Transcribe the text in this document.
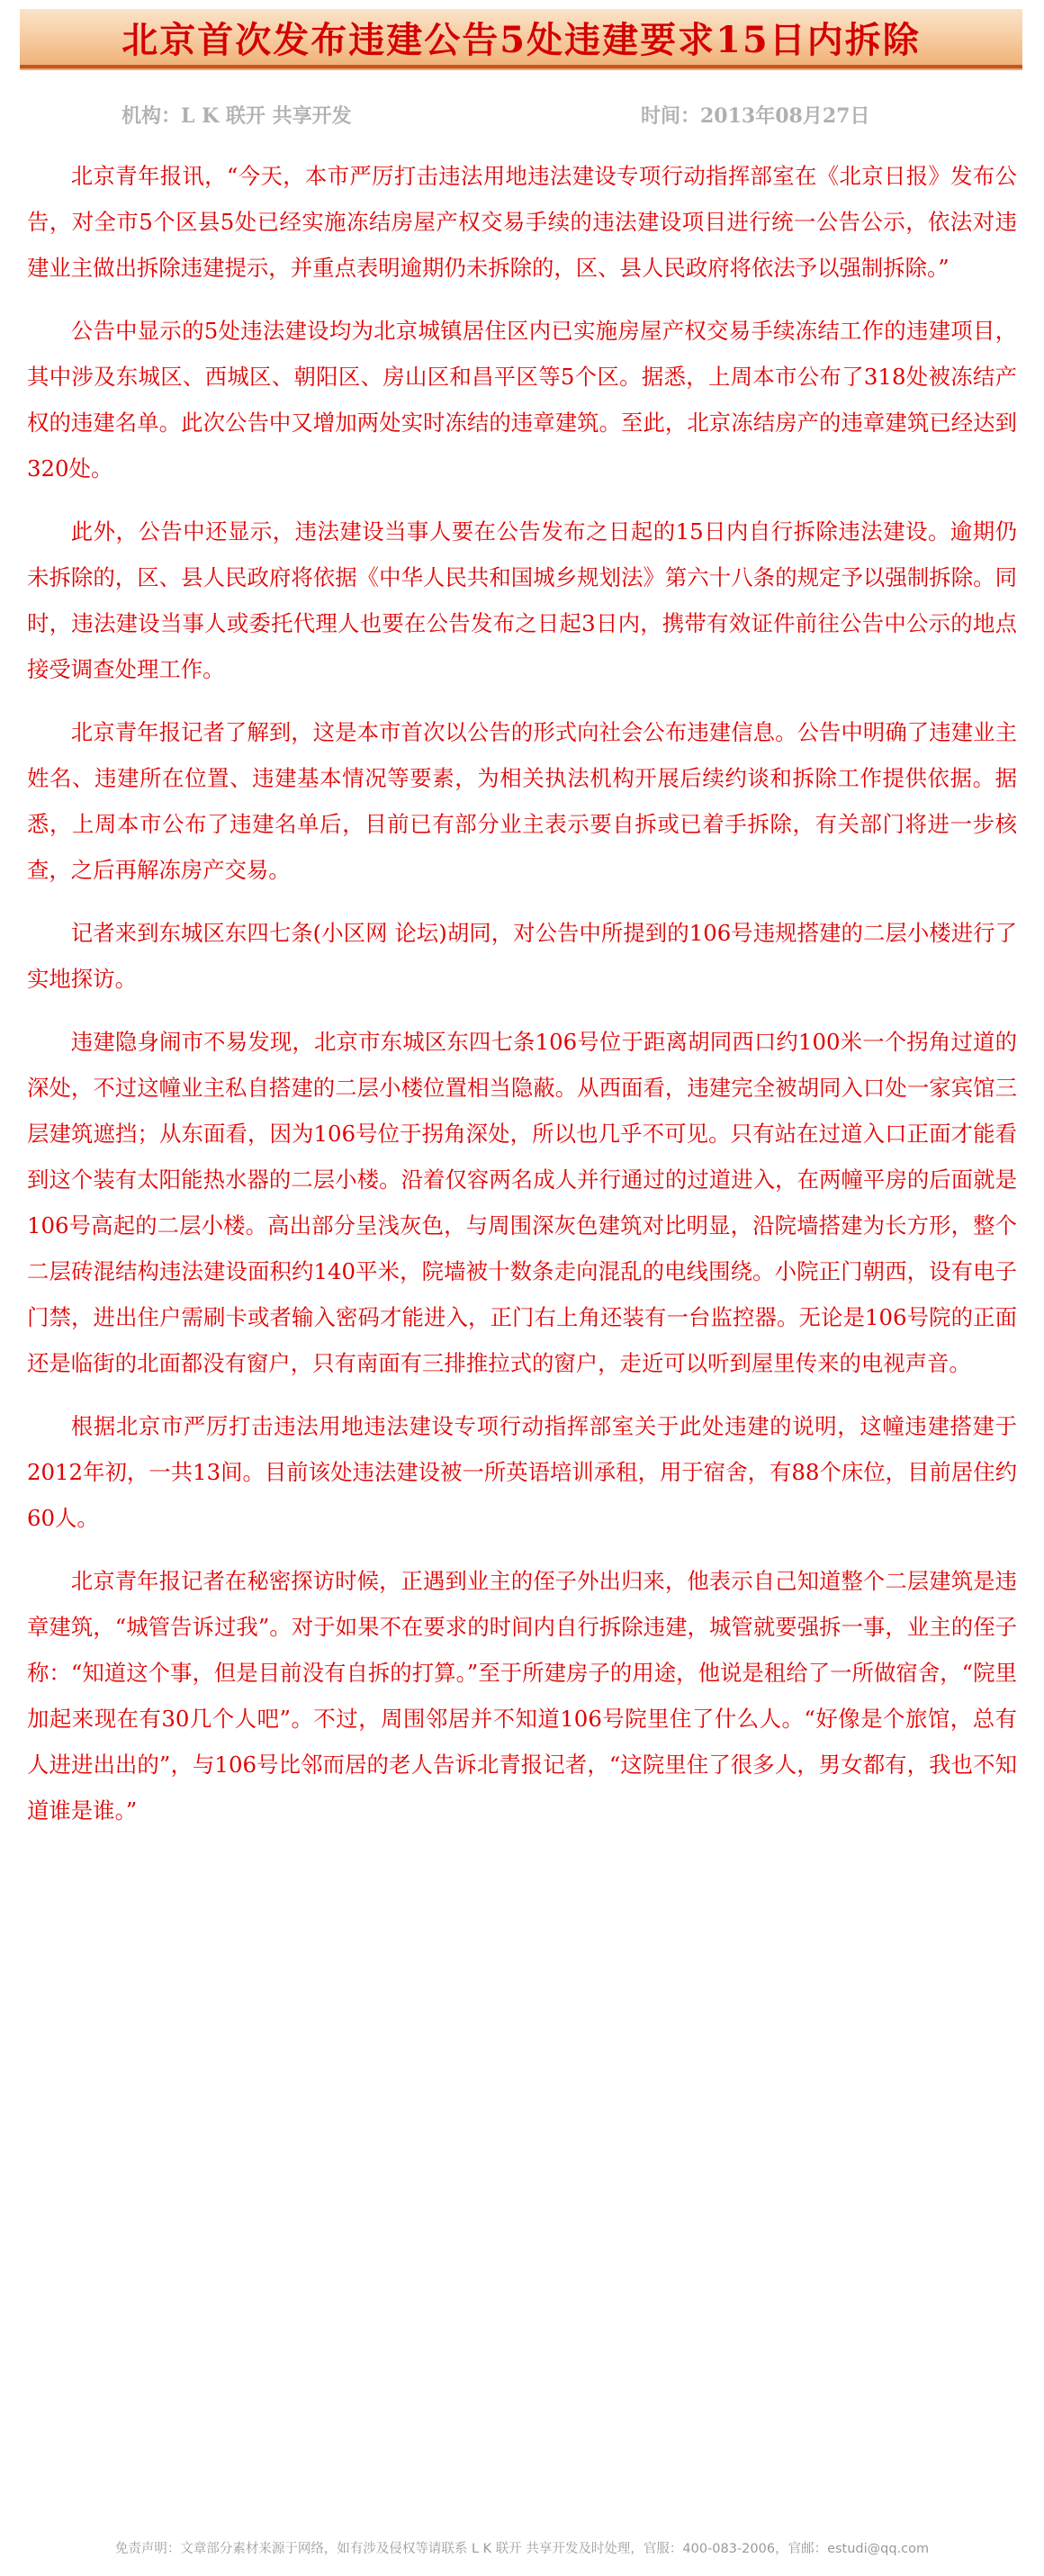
北京首次发布违建公告5处违建要求15日内拆除
机构：L K 联开 共享开发	时间：2013年08月27日

北京青年报讯，“今天，本市严厉打击违法用地违法建设专项行动指挥部室在《北京日报》发布公告，对全市5个区县5处已经实施冻结房屋产权交易手续的违法建设项目进行统一公告公示，依法对违建业主做出拆除违建提示，并重点表明逾期仍未拆除的，区、县人民政府将依法予以强制拆除。”

公告中显示的5处违法建设均为北京城镇居住区内已实施房屋产权交易手续冻结工作的违建项目，其中涉及东城区、西城区、朝阳区、房山区和昌平区等5个区。据悉，上周本市公布了318处被冻结产权的违建名单。此次公告中又增加两处实时冻结的违章建筑。至此，北京冻结房产的违章建筑已经达到320处。

此外，公告中还显示，违法建设当事人要在公告发布之日起的15日内自行拆除违法建设。逾期仍未拆除的，区、县人民政府将依据《中华人民共和国城乡规划法》第六十八条的规定予以强制拆除。同时，违法建设当事人或委托代理人也要在公告发布之日起3日内，携带有效证件前往公告中公示的地点接受调查处理工作。

北京青年报记者了解到，这是本市首次以公告的形式向社会公布违建信息。公告中明确了违建业主姓名、违建所在位置、违建基本情况等要素，为相关执法机构开展后续约谈和拆除工作提供依据。据悉，上周本市公布了违建名单后，目前已有部分业主表示要自拆或已着手拆除，有关部门将进一步核查，之后再解冻房产交易。

记者来到东城区东四七条(小区网 论坛)胡同，对公告中所提到的106号违规搭建的二层小楼进行了实地探访。

违建隐身闹市不易发现，北京市东城区东四七条106号位于距离胡同西口约100米一个拐角过道的深处，不过这幢业主私自搭建的二层小楼位置相当隐蔽。从西面看，违建完全被胡同入口处一家宾馆三层建筑遮挡；从东面看，因为106号位于拐角深处，所以也几乎不可见。只有站在过道入口正面才能看到这个装有太阳能热水器的二层小楼。沿着仅容两名成人并行通过的过道进入，在两幢平房的后面就是106号高起的二层小楼。高出部分呈浅灰色，与周围深灰色建筑对比明显，沿院墙搭建为长方形，整个二层砖混结构违法建设面积约140平米，院墙被十数条走向混乱的电线围绕。小院正门朝西，设有电子门禁，进出住户需刷卡或者输入密码才能进入，正门右上角还装有一台监控器。无论是106号院的正面还是临街的北面都没有窗户，只有南面有三排推拉式的窗户，走近可以听到屋里传来的电视声音。

根据北京市严厉打击违法用地违法建设专项行动指挥部室关于此处违建的说明，这幢违建搭建于2012年初，一共13间。目前该处违法建设被一所英语培训承租，用于宿舍，有88个床位，目前居住约60人。

北京青年报记者在秘密探访时候，正遇到业主的侄子外出归来，他表示自己知道整个二层建筑是违章建筑，“城管告诉过我”。对于如果不在要求的时间内自行拆除违建，城管就要强拆一事，业主的侄子称：“知道这个事，但是目前没有自拆的打算。”至于所建房子的用途，他说是租给了一所做宿舍，“院里加起来现在有30几个人吧”。不过，周围邻居并不知道106号院里住了什么人。“好像是个旅馆，总有人进进出出的”，与106号比邻而居的老人告诉北青报记者，“这院里住了很多人，男女都有，我也不知道谁是谁。”

免责声明：文章部分素材来源于网络，如有涉及侵权等请联系 L K 联开 共享开发及时处理，官服：400-083-2006，官邮：estudi@qq.com
